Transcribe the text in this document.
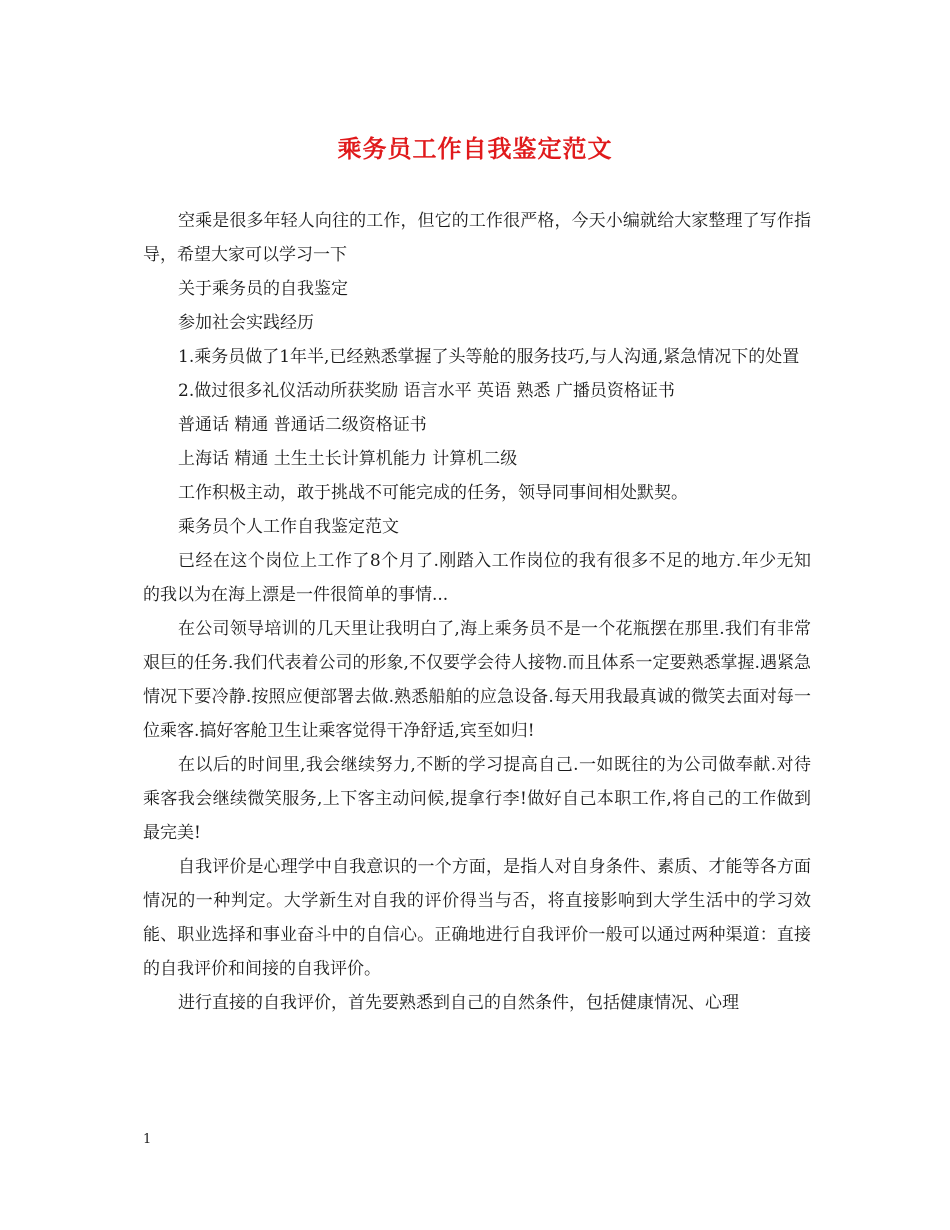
乘务员工作自我鉴定范文

空乘是很多年轻人向往的工作，但它的工作很严格，今天小编就给大家整理了写作指导，希望大家可以学习一下

关于乘务员的自我鉴定

参加社会实践经历

1.乘务员做了1年半,已经熟悉掌握了头等舱的服务技巧,与人沟通,紧急情况下的处置

2.做过很多礼仪活动所获奖励 语言水平 英语 熟悉 广播员资格证书

普通话 精通 普通话二级资格证书

上海话 精通 土生土长计算机能力 计算机二级

工作积极主动，敢于挑战不可能完成的任务，领导同事间相处默契。

乘务员个人工作自我鉴定范文

已经在这个岗位上工作了8个月了.刚踏入工作岗位的我有很多不足的地方.年少无知的我以为在海上漂是一件很简单的事情...

在公司领导培训的几天里让我明白了,海上乘务员不是一个花瓶摆在那里.我们有非常艰巨的任务.我们代表着公司的形象,不仅要学会待人接物.而且体系一定要熟悉掌握.遇紧急情况下要冷静.按照应便部署去做.熟悉船舶的应急设备.每天用我最真诚的微笑去面对每一位乘客.搞好客舱卫生让乘客觉得干净舒适,宾至如归!

在以后的时间里,我会继续努力,不断的学习提高自己.一如既往的为公司做奉献.对待乘客我会继续微笑服务,上下客主动问候,提拿行李!做好自己本职工作,将自己的工作做到最完美!

自我评价是心理学中自我意识的一个方面，是指人对自身条件、素质、才能等各方面情况的一种判定。大学新生对自我的评价得当与否，将直接影响到大学生活中的学习效能、职业选择和事业奋斗中的自信心。正确地进行自我评价一般可以通过两种渠道：直接的自我评价和间接的自我评价。

进行直接的自我评价，首先要熟悉到自己的自然条件，包括健康情况、心理

1
